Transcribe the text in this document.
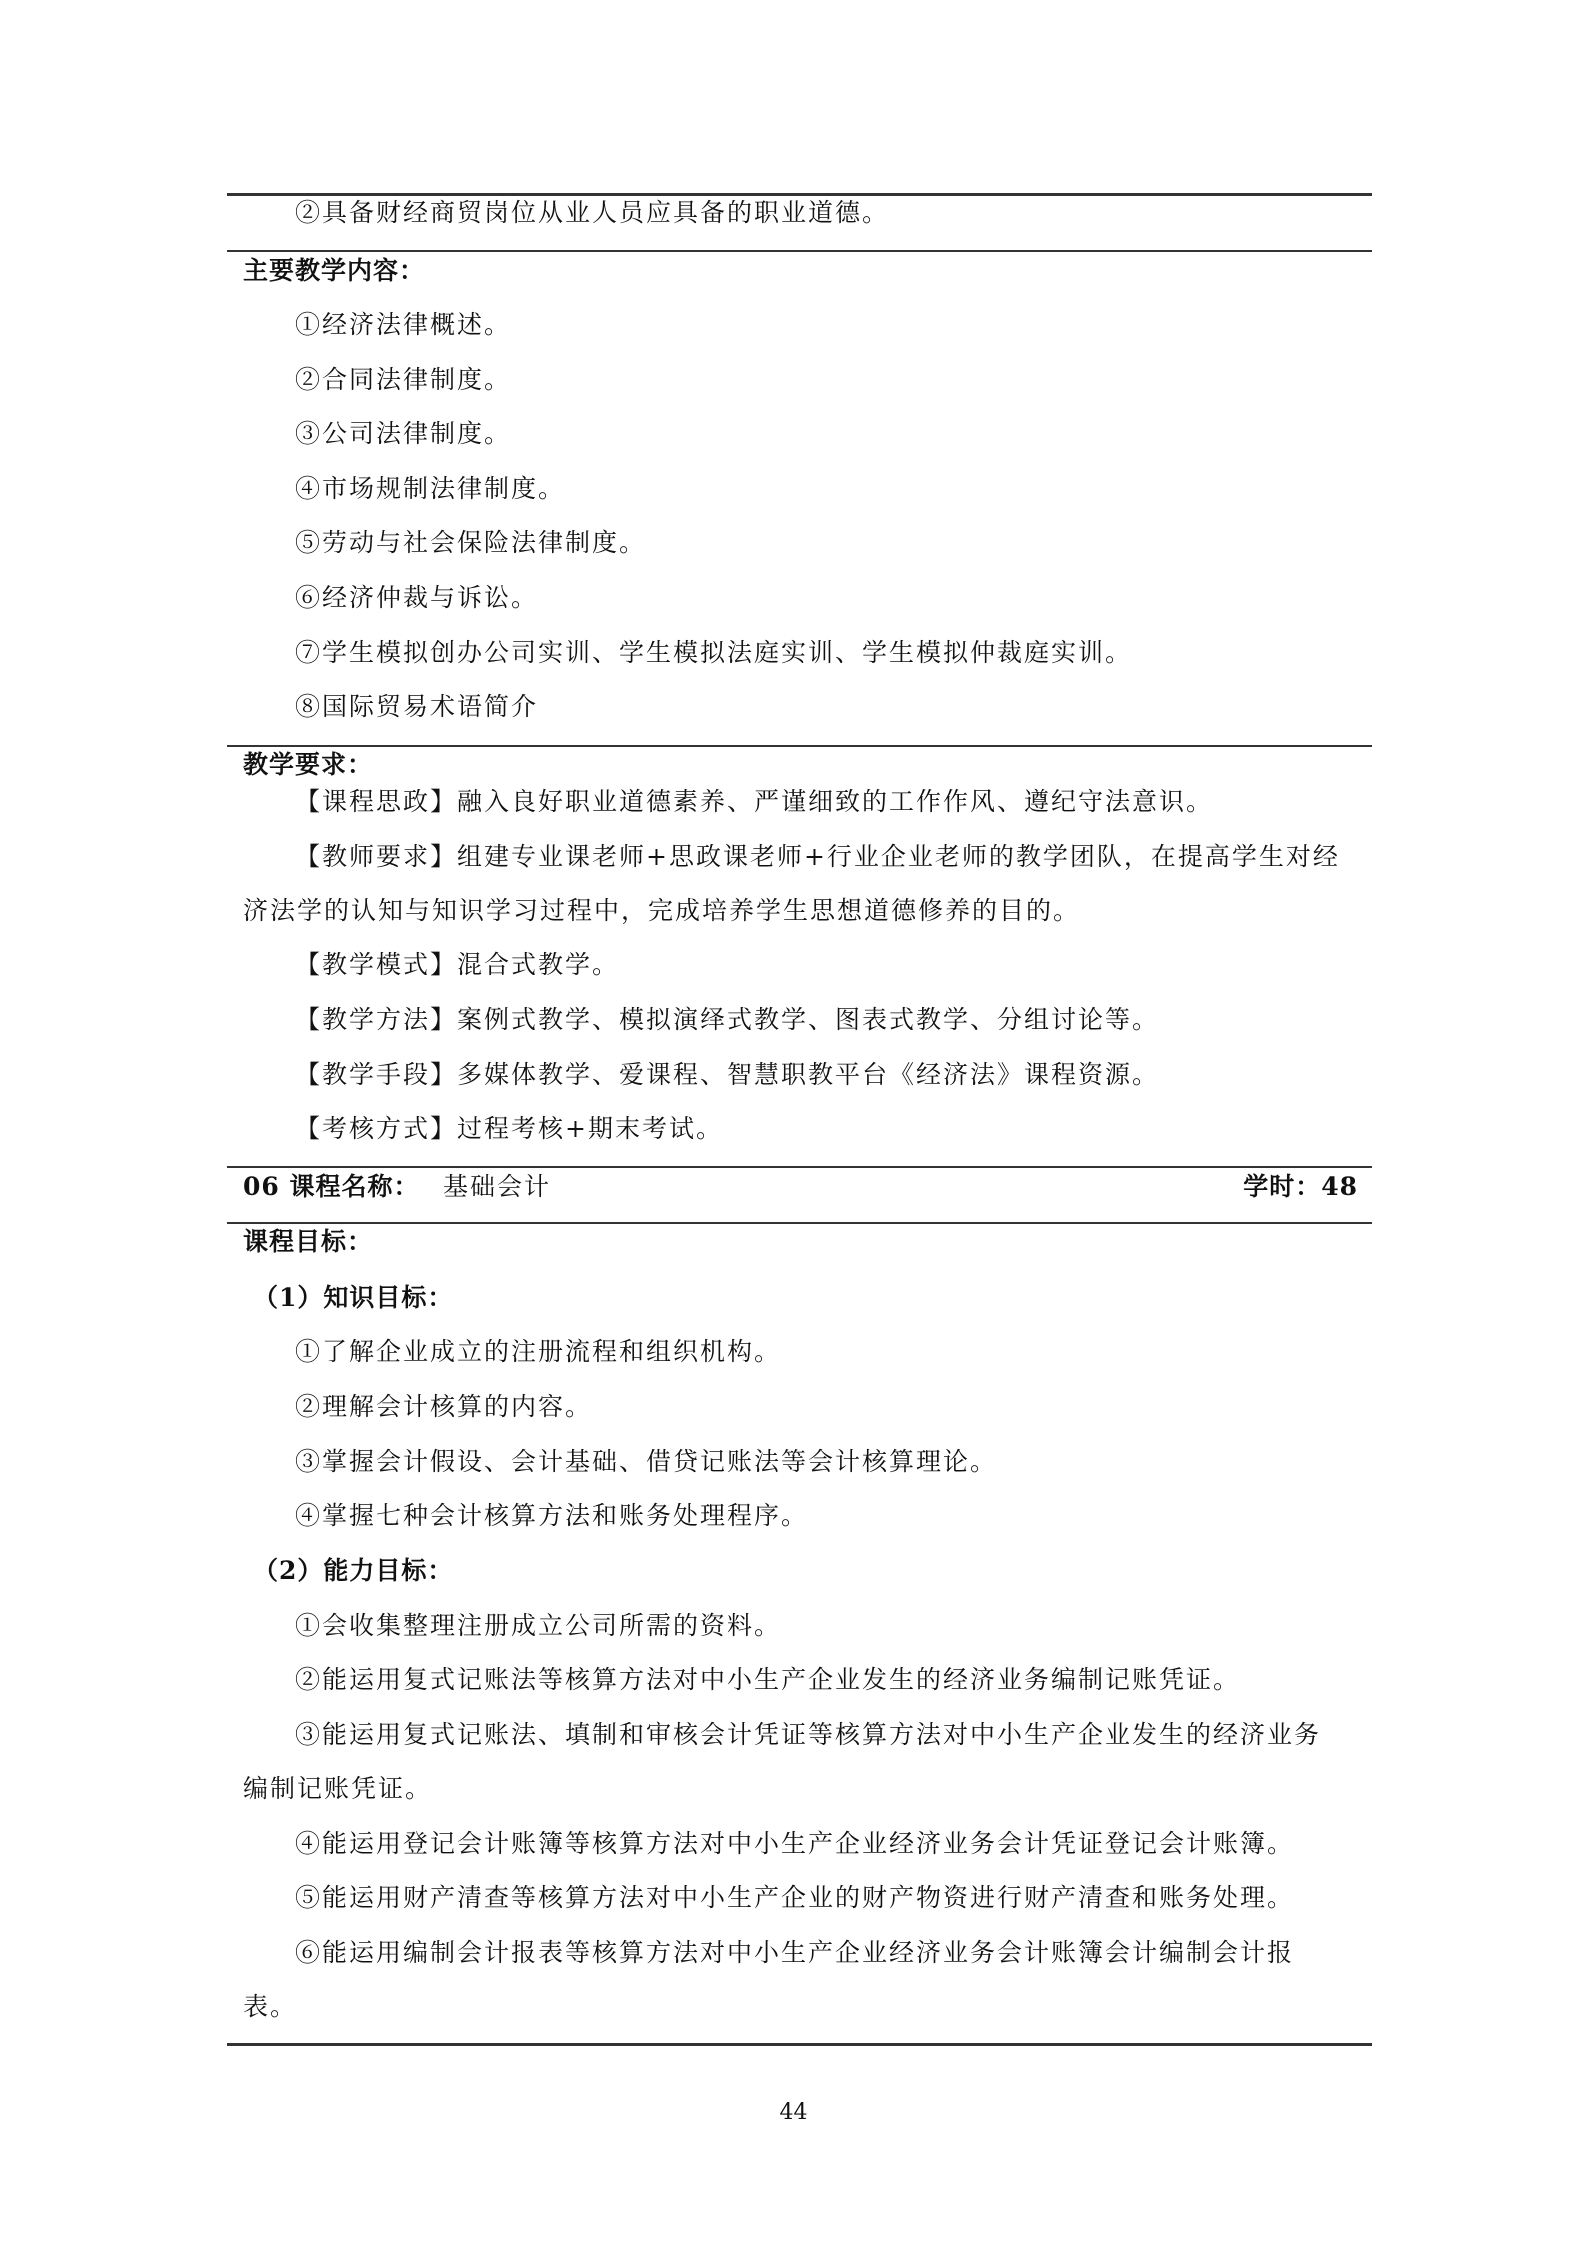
②具备财经商贸岗位从业人员应具备的职业道德。
主要教学内容：
①经济法律概述。
②合同法律制度。
③公司法律制度。
④市场规制法律制度。
⑤劳动与社会保险法律制度。
⑥经济仲裁与诉讼。
⑦学生模拟创办公司实训、学生模拟法庭实训、学生模拟仲裁庭实训。
⑧国际贸易术语简介
教学要求：
【课程思政】融入良好职业道德素养、严谨细致的工作作风、遵纪守法意识。
【教师要求】组建专业课老师+思政课老师+行业企业老师的教学团队，在提高学生对经
济法学的认知与知识学习过程中，完成培养学生思想道德修养的目的。
【教学模式】混合式教学。
【教学方法】案例式教学、模拟演绎式教学、图表式教学、分组讨论等。
【教学手段】多媒体教学、爱课程、智慧职教平台《经济法》课程资源。
【考核方式】过程考核+期末考试。
06 课程名称： 基础会计	学时：48
课程目标：
（1）知识目标：
①了解企业成立的注册流程和组织机构。
②理解会计核算的内容。
③掌握会计假设、会计基础、借贷记账法等会计核算理论。
④掌握七种会计核算方法和账务处理程序。
（2）能力目标：
①会收集整理注册成立公司所需的资料。
②能运用复式记账法等核算方法对中小生产企业发生的经济业务编制记账凭证。
③能运用复式记账法、填制和审核会计凭证等核算方法对中小生产企业发生的经济业务
编制记账凭证。
④能运用登记会计账簿等核算方法对中小生产企业经济业务会计凭证登记会计账簿。
⑤能运用财产清查等核算方法对中小生产企业的财产物资进行财产清查和账务处理。
⑥能运用编制会计报表等核算方法对中小生产企业经济业务会计账簿会计编制会计报
表。
44
